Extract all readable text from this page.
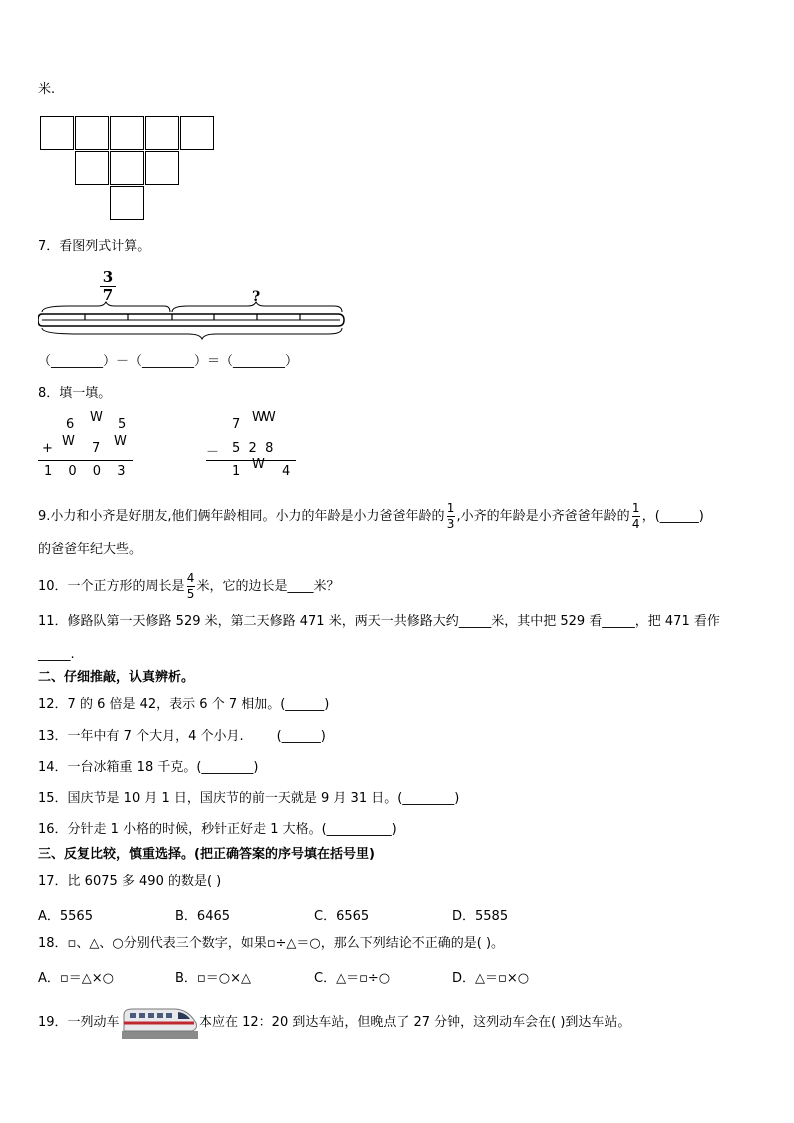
米.
7．看图列式计算。
3
7	?
（________）－（________）＝（________）
8．填一填。
6 W 5
+ W 7 W
1 0 0 3
7 WW
－ 5  2  8
1 W 4
9.小力和小齐是好朋友,他们俩年龄相同。小力的年龄是小力爸爸年龄的 $\frac{1}{3}$ ,小齐的年龄是小齐爸爸年龄的 $\frac{1}{4}$ ，(______)
的爸爸年纪大些。
10．一个正方形的周长是 $\frac{4}{5}$ 米，它的边长是____米？
11．修路队第一天修路 529 米，第二天修路 471 米，两天一共修路大约_____米，其中把 529 看_____，把 471 看作
_____.
二、仔细推敲，认真辨析。
12．7 的 6 倍是 42，表示 6 个 7 相加。(______)
13．一年中有 7 个大月，4 个小月.        (______)
14．一台冰箱重 18 千克。(________)
15．国庆节是 10 月 1 日，国庆节的前一天就是 9 月 31 日。(________)
16．分针走 1 小格的时候，秒针正好走 1 大格。(__________)
三、反复比较，慎重选择。(把正确答案的序号填在括号里)
17．比 6075 多 490 的数是( )
A．5565	B．6465	C．6565	D．5585
18．▫、△、○分别代表三个数字，如果▫÷△＝○，那么下列结论不正确的是( )。
A．▫＝△×○	B．▫＝○×△	C．△＝▫÷○	D．△＝▫×○
19．一列动车	本应在 12：20 到达车站，但晚点了 27 分钟，这列动车会在( )到达车站。
